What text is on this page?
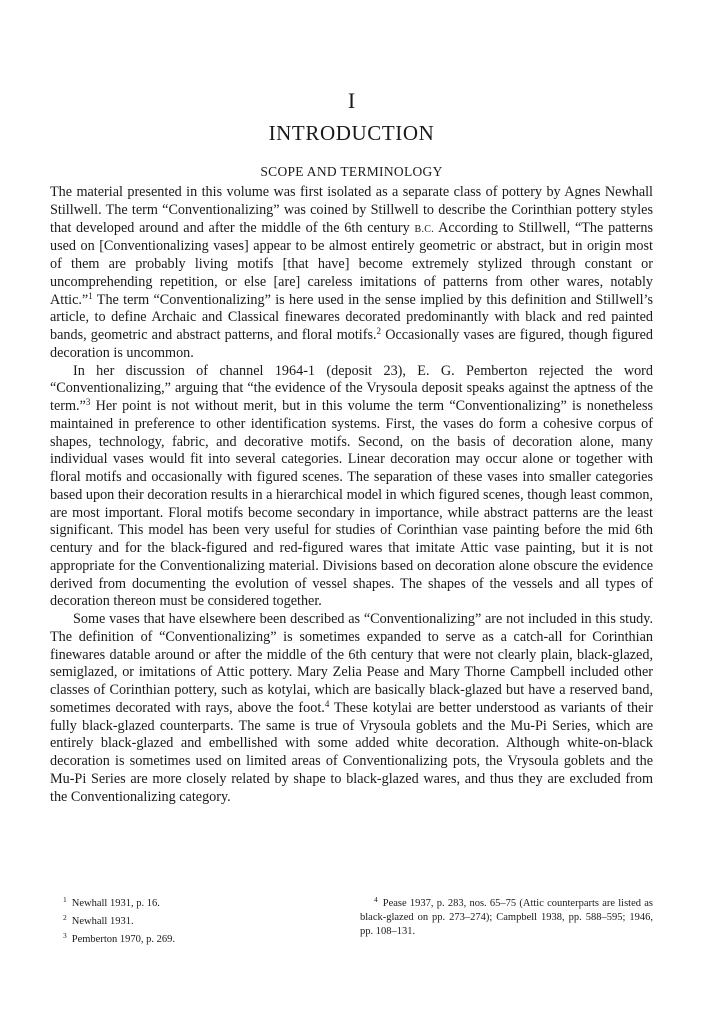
I
INTRODUCTION
SCOPE AND TERMINOLOGY

The material presented in this volume was first isolated as a separate class of pottery by Agnes Newhall Stillwell. The term “Conventionalizing” was coined by Stillwell to describe the Corinthian pottery styles that developed around and after the middle of the 6th century B.C. According to Stillwell, “The patterns used on [Conventionalizing vases] appear to be almost entirely geometric or abstract, but in origin most of them are probably living motifs [that have] become extremely stylized through constant or uncomprehending repetition, or else [are] careless imitations of patterns from other wares, notably Attic.”$^1$ The term “Conventionalizing” is here used in the sense implied by this definition and Stillwell’s article, to define Archaic and Classical finewares decorated predominantly with black and red painted bands, geometric and abstract patterns, and floral motifs.$^2$ Occasionally vases are figured, though figured decoration is uncommon.

In her discussion of channel 1964-1 (deposit 23), E. G. Pemberton rejected the word “Conventionalizing,” arguing that “the evidence of the Vrysoula deposit speaks against the aptness of the term.”$^3$ Her point is not without merit, but in this volume the term “Conventionalizing” is nonetheless maintained in preference to other identification systems. First, the vases do form a cohesive corpus of shapes, technology, fabric, and decorative motifs. Second, on the basis of decoration alone, many individual vases would fit into several categories. Linear decoration may occur alone or together with floral motifs and occasionally with figured scenes. The separation of these vases into smaller categories based upon their decoration results in a hierarchical model in which figured scenes, though least common, are most important. Floral motifs become secondary in importance, while abstract patterns are the least significant. This model has been very useful for studies of Corinthian vase painting before the mid 6th century and for the black-figured and red-figured wares that imitate Attic vase painting, but it is not appropriate for the Conventionalizing material. Divisions based on decoration alone obscure the evidence derived from documenting the evolution of vessel shapes. The shapes of the vessels and all types of decoration thereon must be considered together.

Some vases that have elsewhere been described as “Conventionalizing” are not included in this study. The definition of “Conventionalizing” is sometimes expanded to serve as a catch-all for Corinthian finewares datable around or after the middle of the 6th century that were not clearly plain, black-glazed, semiglazed, or imitations of Attic pottery. Mary Zelia Pease and Mary Thorne Campbell included other classes of Corinthian pottery, such as kotylai, which are basically black-glazed but have a reserved band, sometimes decorated with rays, above the foot.$^4$ These kotylai are better understood as variants of their fully black-glazed counterparts. The same is true of Vrysoula goblets and the Mu-Pi Series, which are entirely black-glazed and embellished with some added white decoration. Although white-on-black decoration is sometimes used on limited areas of Conventionalizing pots, the Vrysoula goblets and the Mu-Pi Series are more closely related by shape to black-glazed wares, and thus they are excluded from the Conventionalizing category.

$^1$ Newhall 1931, p. 16.

$^2$ Newhall 1931.

$^3$ Pemberton 1970, p. 269.

$^4$ Pease 1937, p. 283, nos. 65–75 (Attic counterparts are listed as black-glazed on pp. 273–274); Campbell 1938, pp. 588–595; 1946, pp. 108–131.
